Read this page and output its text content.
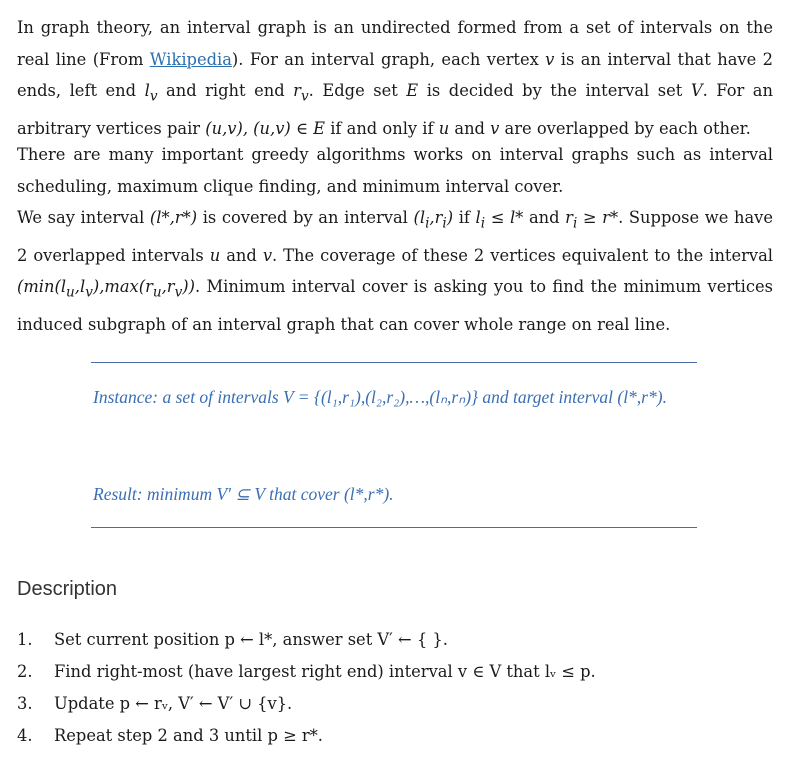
In graph theory, an interval graph is an undirected formed from a set of intervals on the real line (From Wikipedia). For an interval graph, each vertex v is an interval that have 2 ends, left end $l_v$ and right end $r_v$. Edge set E is decided by the interval set V. For an arbitrary vertices pair (u,v), (u,v) ∈ E if and only if u and v are overlapped by each other.

There are many important greedy algorithms works on interval graphs such as interval scheduling, maximum clique finding, and minimum interval cover.

We say interval (l*,r*) is covered by an interval $(l_i,r_i)$ if $l_i \le l*$ and $r_i \ge r*$. Suppose we have 2 overlapped intervals u and v. The coverage of these 2 vertices equivalent to the interval $(\min(l_u,l_v),\max(r_u,r_v))$. Minimum interval cover is asking you to find the minimum vertices induced subgraph of an interval graph that can cover whole range on real line.

Instance: a set of intervals V = {(l₁,r₁),(l₂,r₂),…,(lₙ,rₙ)} and target interval (l*,r*).

Result: minimum V′ ⊆ V that cover (l*,r*).

Description
1. Set current position p ← l*, answer set V′ ← { }.
2. Find right-most (have largest right end) interval v ∈ V that lᵥ ≤ p.
3. Update p ← rᵥ, V′ ← V′ ∪ {v}.
4. Repeat step 2 and 3 until p ≥ r*.
